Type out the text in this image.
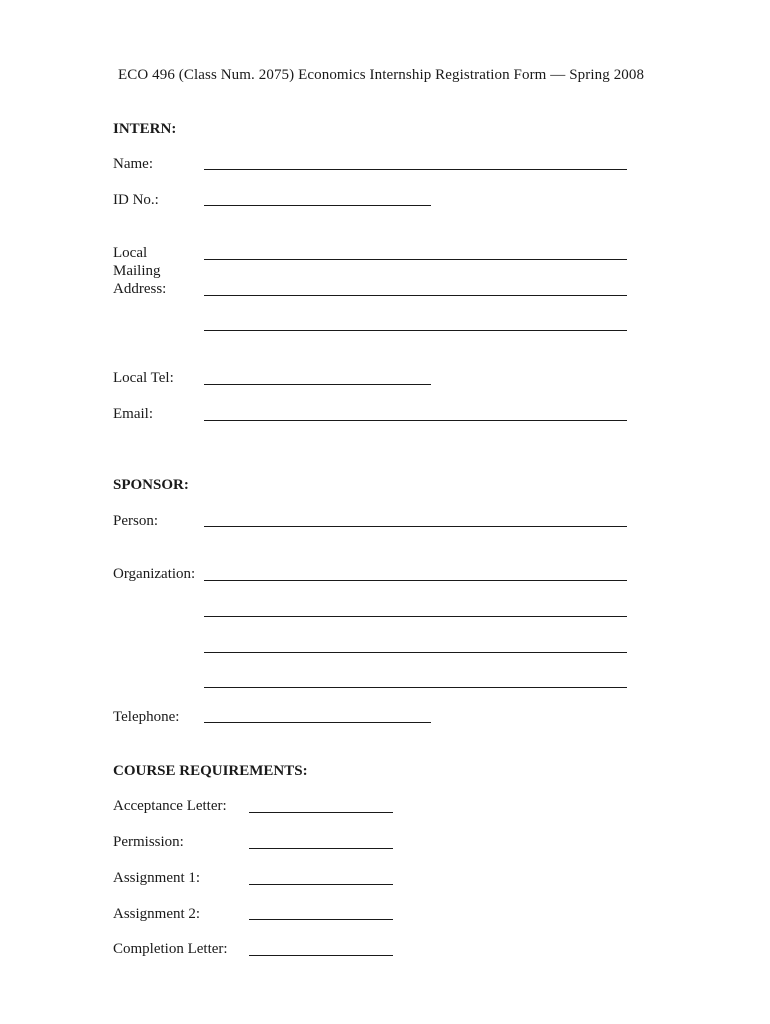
ECO 496 (Class Num. 2075) Economics Internship Registration Form — Spring 2008
INTERN:
Name:
ID No.:
Local
Mailing
Address:
Local Tel:
Email:
SPONSOR:
Person:
Organization:
Telephone:
COURSE REQUIREMENTS:
Acceptance Letter:
Permission:
Assignment 1:
Assignment 2:
Completion Letter:
